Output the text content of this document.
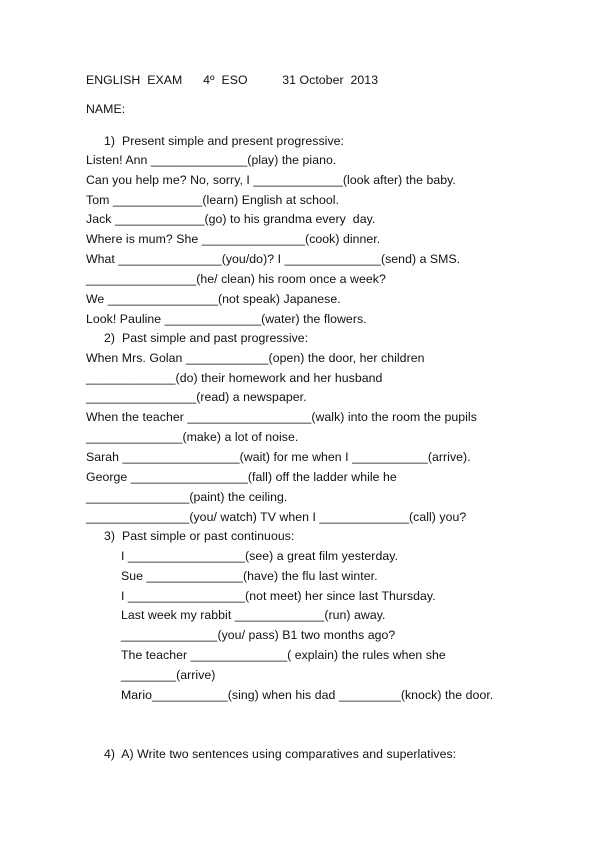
ENGLISH  EXAM      4º  ESO          31 October  2013
NAME:
1)  Present simple and present progressive:
Listen! Ann ______________(play) the piano.
Can you help me? No, sorry, I _____________(look after) the baby.
Tom _____________(learn) English at school.
Jack _____________(go) to his grandma every  day.
Where is mum? She _______________(cook) dinner.
What _______________(you/do)? I ______________(send) a SMS.
________________(he/ clean) his room once a week?
We ________________(not speak) Japanese.
Look! Pauline ______________(water) the flowers.
2)  Past simple and past progressive:
When Mrs. Golan ____________(open) the door, her children
_____________(do) their homework and her husband
________________(read) a newspaper.
When the teacher __________________(walk) into the room the pupils
______________(make) a lot of noise.
Sarah _________________(wait) for me when I ___________(arrive).
George _________________(fall) off the ladder while he
_______________(paint) the ceiling.
_______________(you/ watch) TV when I _____________(call) you?
3)  Past simple or past continuous:
I _________________(see) a great film yesterday.
Sue ______________(have) the flu last winter.
I _________________(not meet) her since last Thursday.
Last week my rabbit _____________(run) away.
______________(you/ pass) B1 two months ago?
The teacher ______________( explain) the rules when she
________(arrive)
Mario___________(sing) when his dad _________(knock) the door.
4)  A) Write two sentences using comparatives and superlatives:
